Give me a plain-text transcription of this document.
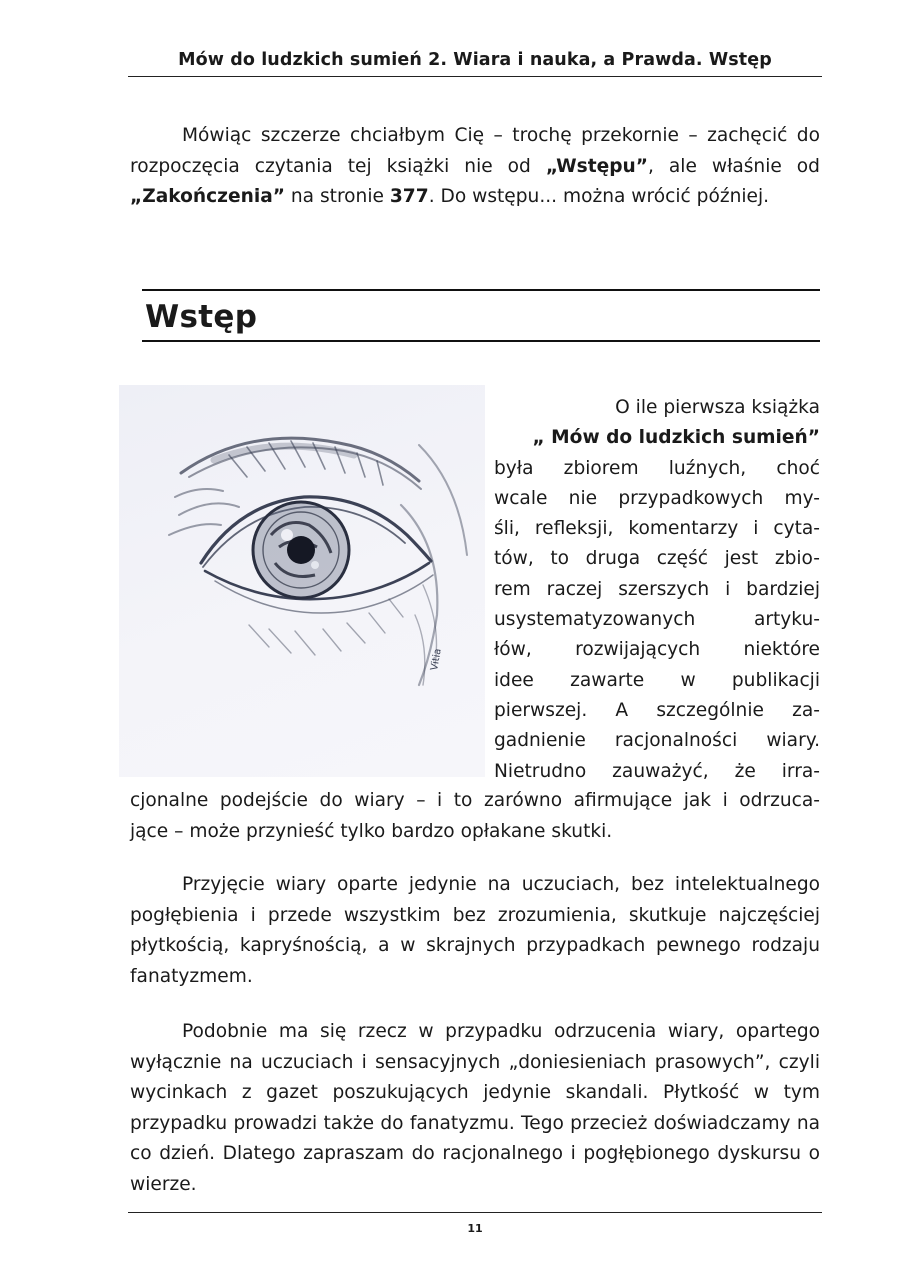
Mów do ludzkich sumień 2. Wiara i nauka, a Prawda. Wstęp

Mówiąc szczerze chciałbym Cię – trochę przekornie – zachęcić do rozpoczęcia czytania tej książki nie od „Wstępu”, ale właśnie od „Zakończenia” na stronie 377. Do wstępu... można wrócić później.

Wstęp
Vitia
O ile pierwsza książka
„ Mów do ludzkich sumień”
była zbiorem luźnych, choć
wcale nie przypadkowych my-
śli, refleksji, komentarzy i cyta-
tów, to druga część jest zbio-
rem raczej szerszych i bardziej
usystematyzowanych artyku-
łów, rozwijających niektóre
idee zawarte w publikacji
pierwszej. A szczególnie za-
gadnienie racjonalności wiary.
Nietrudno zauważyć, że irra-
cjonalne podejście do wiary – i to zarówno afirmujące jak i odrzuca-
jące – może przynieść tylko bardzo opłakane skutki.

Przyjęcie wiary oparte jedynie na uczuciach, bez intelektualnego pogłębienia i przede wszystkim bez zrozumienia, skutkuje najczęściej płytkością, kapryśnością, a w skrajnych przypadkach pewnego rodzaju fanatyzmem.

Podobnie ma się rzecz w przypadku odrzucenia wiary, opartego wyłącznie na uczuciach i sensacyjnych „doniesieniach prasowych”, czyli wycinkach z gazet poszukujących jedynie skandali. Płytkość w tym przypadku prowadzi także do fanatyzmu. Tego przecież doświadczamy na co dzień. Dlatego zapraszam do racjonalnego i pogłębionego dyskursu o wierze.

11
